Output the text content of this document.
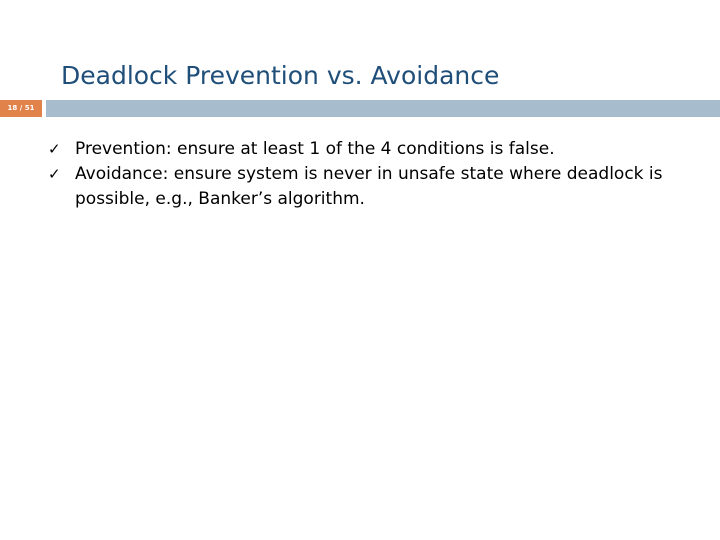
Deadlock Prevention vs. Avoidance
18 / 51
✓ Prevention: ensure at least 1 of the 4 conditions is false.
✓ Avoidance: ensure system is never in unsafe state where deadlock is possible, e.g., Banker’s algorithm.
